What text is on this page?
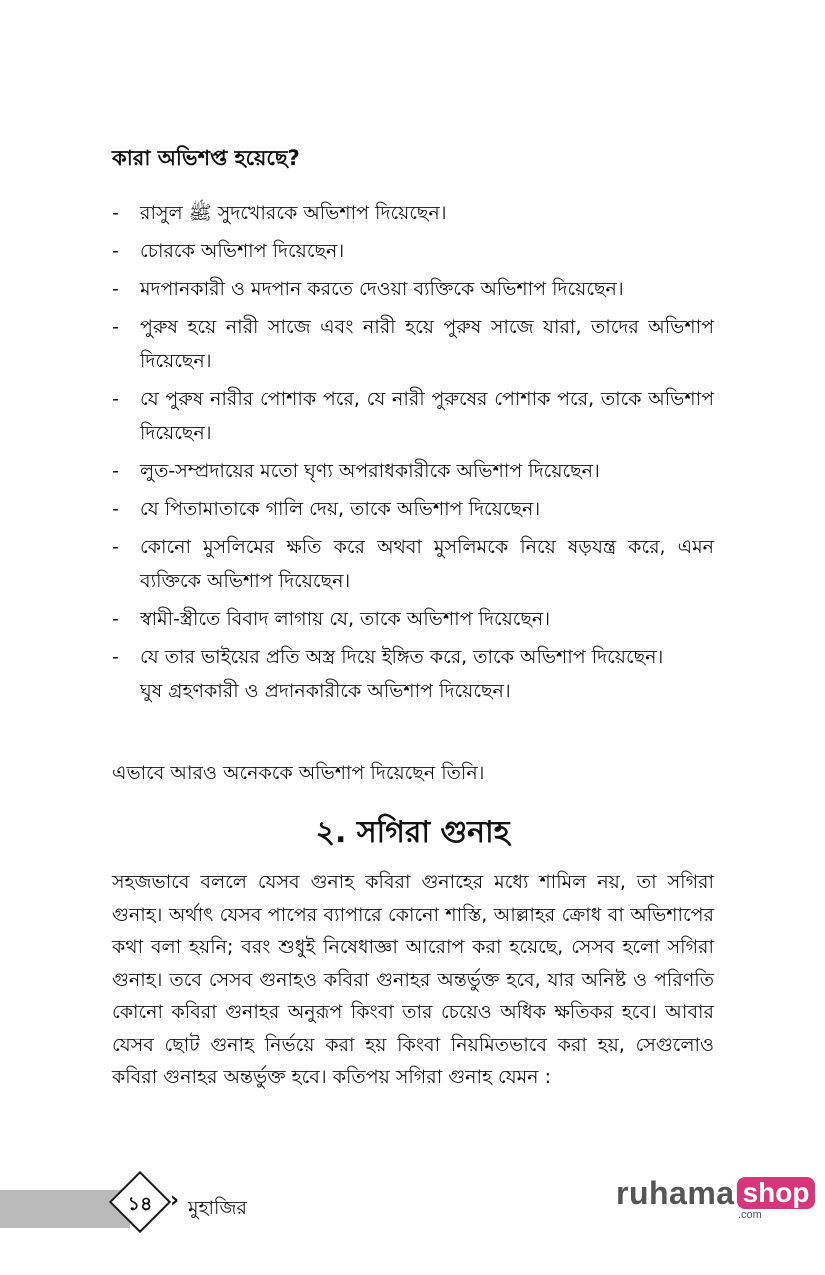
কারা অভিশপ্ত হয়েছে?
- রাসুল ﷺ সুদখোরকে অভিশাপ দিয়েছেন।
- চোরকে অভিশাপ দিয়েছেন।
- মদপানকারী ও মদপান করতে দেওয়া ব্যক্তিকে অভিশাপ দিয়েছেন।
- পুরুষ হয়ে নারী সাজে এবং নারী হয়ে পুরুষ সাজে যারা, তাদের অভিশাপ দিয়েছেন।
- যে পুরুষ নারীর পোশাক পরে, যে নারী পুরুষের পোশাক পরে, তাকে অভিশাপ দিয়েছেন।
- লুত-সম্প্রদায়ের মতো ঘৃণ্য অপরাধকারীকে অভিশাপ দিয়েছেন।
- যে পিতামাতাকে গালি দেয়, তাকে অভিশাপ দিয়েছেন।
- কোনো মুসলিমের ক্ষতি করে অথবা মুসলিমকে নিয়ে ষড়যন্ত্র করে, এমন ব্যক্তিকে অভিশাপ দিয়েছেন।
- স্বামী-স্ত্রীতে বিবাদ লাগায় যে, তাকে অভিশাপ দিয়েছেন।
- যে তার ভাইয়ের প্রতি অস্ত্র দিয়ে ইঙ্গিত করে, তাকে অভিশাপ দিয়েছেন।
ঘুষ গ্রহণকারী ও প্রদানকারীকে অভিশাপ দিয়েছেন।
এভাবে আরও অনেককে অভিশাপ দিয়েছেন তিনি।
২. সগিরা গুনাহ

সহজভাবে বললে যেসব গুনাহ কবিরা গুনাহের মধ্যে শামিল নয়, তা সগিরা গুনাহ। অর্থাৎ যেসব পাপের ব্যাপারে কোনো শাস্তি, আল্লাহর ক্রোধ বা অভিশাপের কথা বলা হয়নি; বরং শুধুই নিষেধাজ্ঞা আরোপ করা হয়েছে, সেসব হলো সগিরা গুনাহ। তবে সেসব গুনাহও কবিরা গুনাহর অন্তর্ভুক্ত হবে, যার অনিষ্ট ও পরিণতি কোনো কবিরা গুনাহর অনুরূপ কিংবা তার চেয়েও অধিক ক্ষতিকর হবে। আবার যেসব ছোট গুনাহ নির্ভয়ে করা হয় কিংবা নিয়মিতভাবে করা হয়, সেগুলোও কবিরা গুনাহর অন্তর্ভুক্ত হবে। কতিপয় সগিরা গুনাহ যেমন :

১৪ › মুহাজির	ruhama shop
.com
